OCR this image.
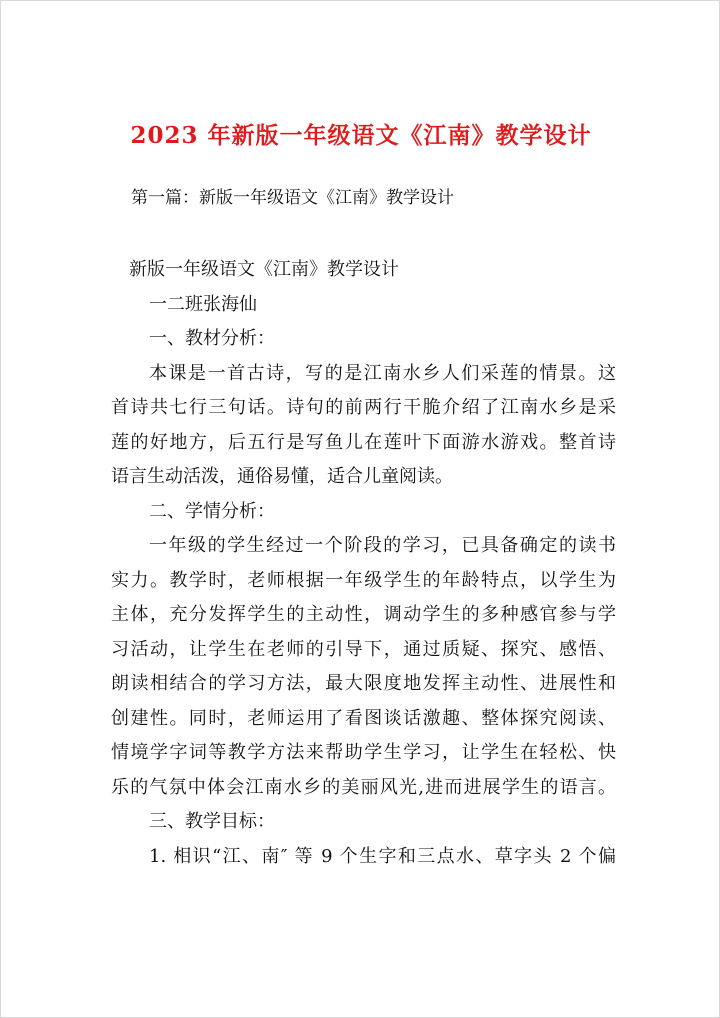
2023 年新版一年级语文《江南》教学设计
第一篇：新版一年级语文《江南》教学设计
新版一年级语文《江南》教学设计
一二班张海仙
一、教材分析：
本课是一首古诗，写的是江南水乡人们采莲的情景。这
首诗共七行三句话。诗句的前两行干脆介绍了江南水乡是采
莲的好地方，后五行是写鱼儿在莲叶下面游水游戏。整首诗
语言生动活泼，通俗易懂，适合儿童阅读。
二、学情分析：
一年级的学生经过一个阶段的学习，已具备确定的读书
实力。教学时，老师根据一年级学生的年龄特点，以学生为
主体，充分发挥学生的主动性，调动学生的多种感官参与学
习活动，让学生在老师的引导下，通过质疑、探究、感悟、
朗读相结合的学习方法，最大限度地发挥主动性、进展性和
创建性。同时，老师运用了看图谈话激趣、整体探究阅读、
情境学字词等教学方法来帮助学生学习，让学生在轻松、快
乐的气氛中体会江南水乡的美丽风光,进而进展学生的语言。
三、教学目标：
1. 相识“江、南″ 等 9 个生字和三点水、草字头 2 个偏
